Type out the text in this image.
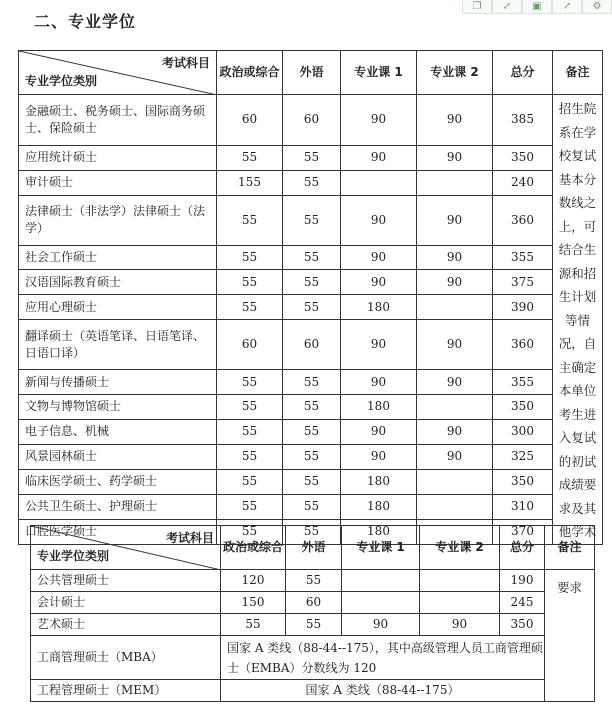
二、专业学位
❐	⤢	▣	↗	⚙
考试科目
专业学位类别	政治或综合	外语	专业课 1	专业课 2	总分	备注
金融硕士、税务硕士、国际商务硕士、保险硕士	60	60	90	90	385	招生院系在学校复试基本分数线之上，可结合生源和招生计划等情况，自主确定本单位考生进入复试的初试成绩要求及其他学术
应用统计硕士	55	55	90	90	350	
审计硕士	155	55			240	
法律硕士（非法学）法律硕士（法学）	55	55	90	90	360	
社会工作硕士	55	55	90	90	355	
汉语国际教育硕士	55	55	90	90	375	
应用心理硕士	55	55	180		390	
翻译硕士（英语笔译、日语笔译、日语口译）	60	60	90	90	360	
新闻与传播硕士	55	55	90	90	355	
文物与博物馆硕士	55	55	180		350	
电子信息、机械	55	55	90	90	300	
风景园林硕士	55	55	90	90	325	
临床医学硕士、药学硕士	55	55	180		350	
公共卫生硕士、护理硕士	55	55	180		310	
口腔医学硕士	55	55	180		370	
考试科目
专业学位类别	政治或综合	外语	专业课 1	专业课 2	总分	备注
公共管理硕士	120	55			190	要求
会计硕士	150	60			245	
艺术硕士	55	55	90	90	350	
工商管理硕士（MBA）	国家 A 类线（88-44--175），其中高级管理人员工商管理硕士（EMBA）分数线为 120					
工程管理硕士（MEM）	国家 A 类线（88-44--175）					
